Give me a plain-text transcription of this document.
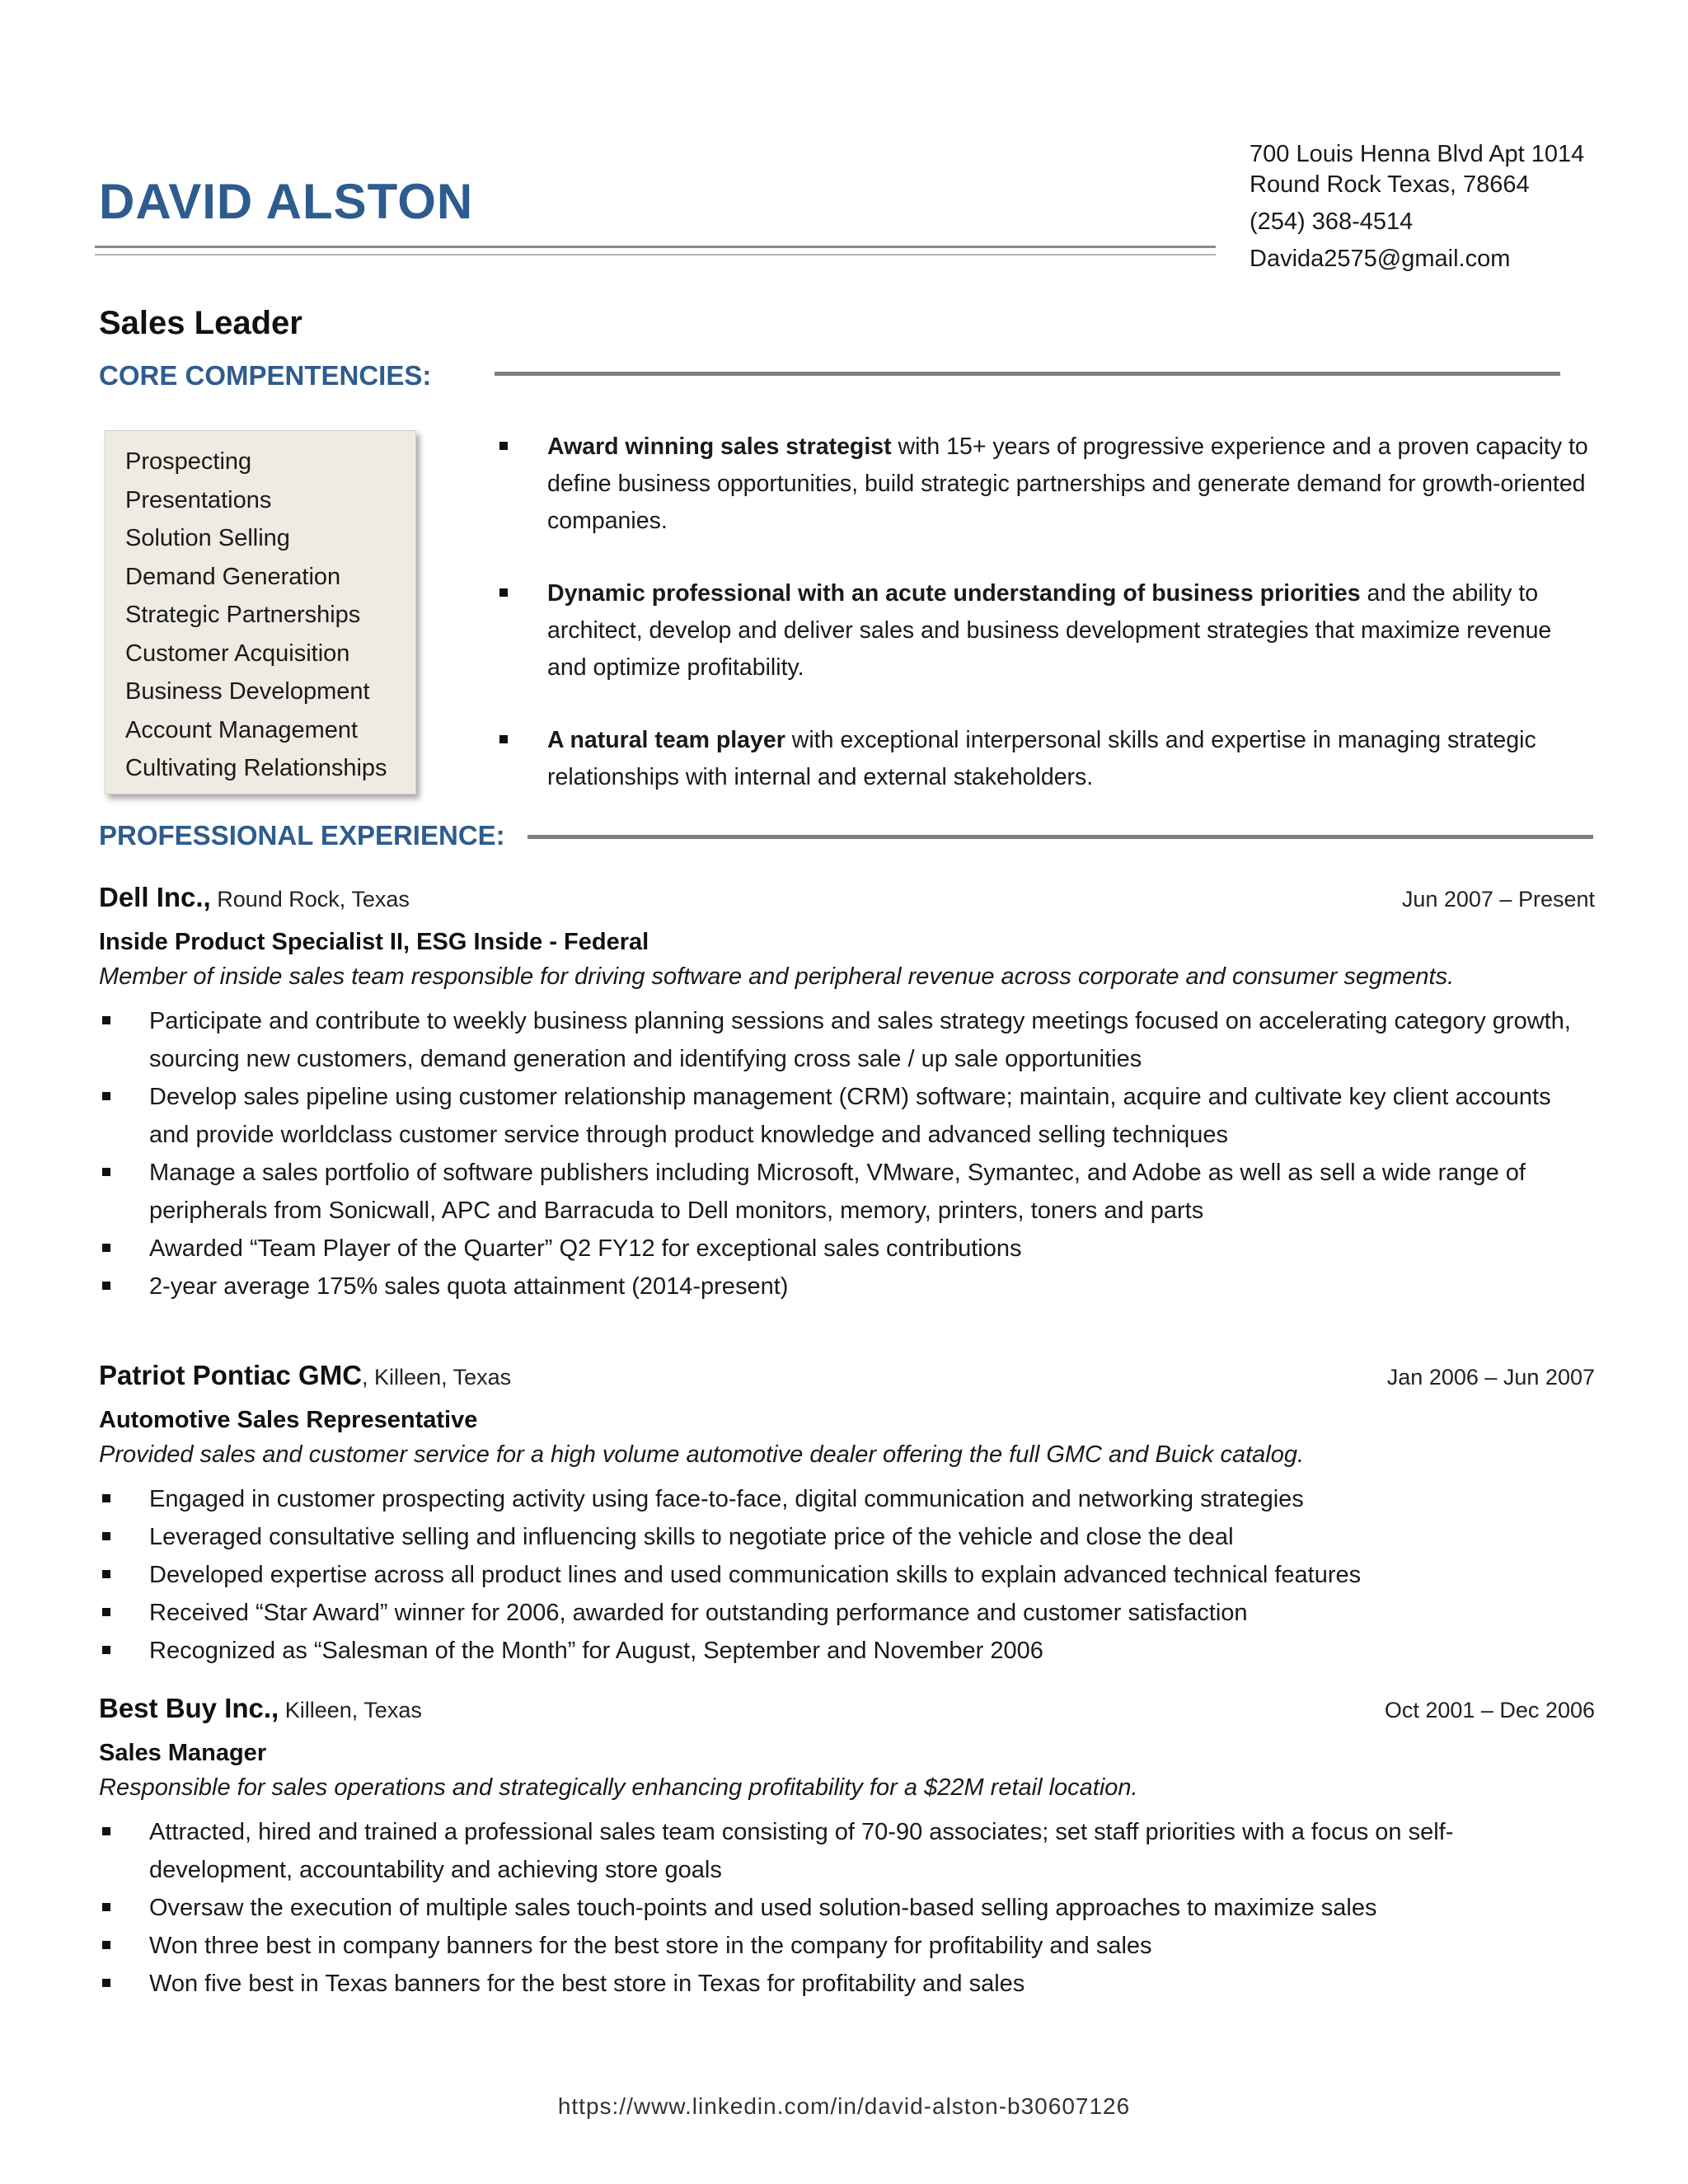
DAVID ALSTON
700 Louis Henna Blvd Apt 1014
Round Rock Texas, 78664
(254) 368-4514
Davida2575@gmail.com
Sales Leader
CORE COMPENTENCIES:
Prospecting
Presentations
Solution Selling
Demand Generation
Strategic Partnerships
Customer Acquisition
Business Development
Account Management
Cultivating Relationships
Award winning sales strategist with 15+ years of progressive experience and a proven capacity to define business opportunities, build strategic partnerships and generate demand for growth-oriented companies.
Dynamic professional with an acute understanding of business priorities and the ability to architect, develop and deliver sales and business development strategies that maximize revenue and optimize profitability.
A natural team player with exceptional interpersonal skills and expertise in managing strategic relationships with internal and external stakeholders.
PROFESSIONAL EXPERIENCE:
Dell Inc., Round Rock, Texas	Jun 2007 – Present
Inside Product Specialist II, ESG Inside - Federal
Member of inside sales team responsible for driving software and peripheral revenue across corporate and consumer segments.
Participate and contribute to weekly business planning sessions and sales strategy meetings focused on accelerating category growth, sourcing new customers, demand generation and identifying cross sale / up sale opportunities
Develop sales pipeline using customer relationship management (CRM) software; maintain, acquire and cultivate key client accounts and provide worldclass customer service through product knowledge and advanced selling techniques
Manage a sales portfolio of software publishers including Microsoft, VMware, Symantec, and Adobe as well as sell a wide range of peripherals from Sonicwall, APC and Barracuda to Dell monitors, memory, printers, toners and parts
Awarded “Team Player of the Quarter” Q2 FY12 for exceptional sales contributions
2-year average 175% sales quota attainment (2014-present)
Patriot Pontiac GMC, Killeen, Texas	Jan 2006 – Jun 2007
Automotive Sales Representative
Provided sales and customer service for a high volume automotive dealer offering the full GMC and Buick catalog.
Engaged in customer prospecting activity using face-to-face, digital communication and networking strategies
Leveraged consultative selling and influencing skills to negotiate price of the vehicle and close the deal
Developed expertise across all product lines and used communication skills to explain advanced technical features
Received “Star Award” winner for 2006, awarded for outstanding performance and customer satisfaction
Recognized as “Salesman of the Month” for August, September and November 2006
Best Buy Inc., Killeen, Texas	Oct 2001 – Dec 2006
Sales Manager
Responsible for sales operations and strategically enhancing profitability for a $22M retail location.
Attracted, hired and trained a professional sales team consisting of 70-90 associates; set staff priorities with a focus on self-development, accountability and achieving store goals
Oversaw the execution of multiple sales touch-points and used solution-based selling approaches to maximize sales
Won three best in company banners for the best store in the company for profitability and sales
Won five best in Texas banners for the best store in Texas for profitability and sales
https://www.linkedin.com/in/david-alston-b30607126
